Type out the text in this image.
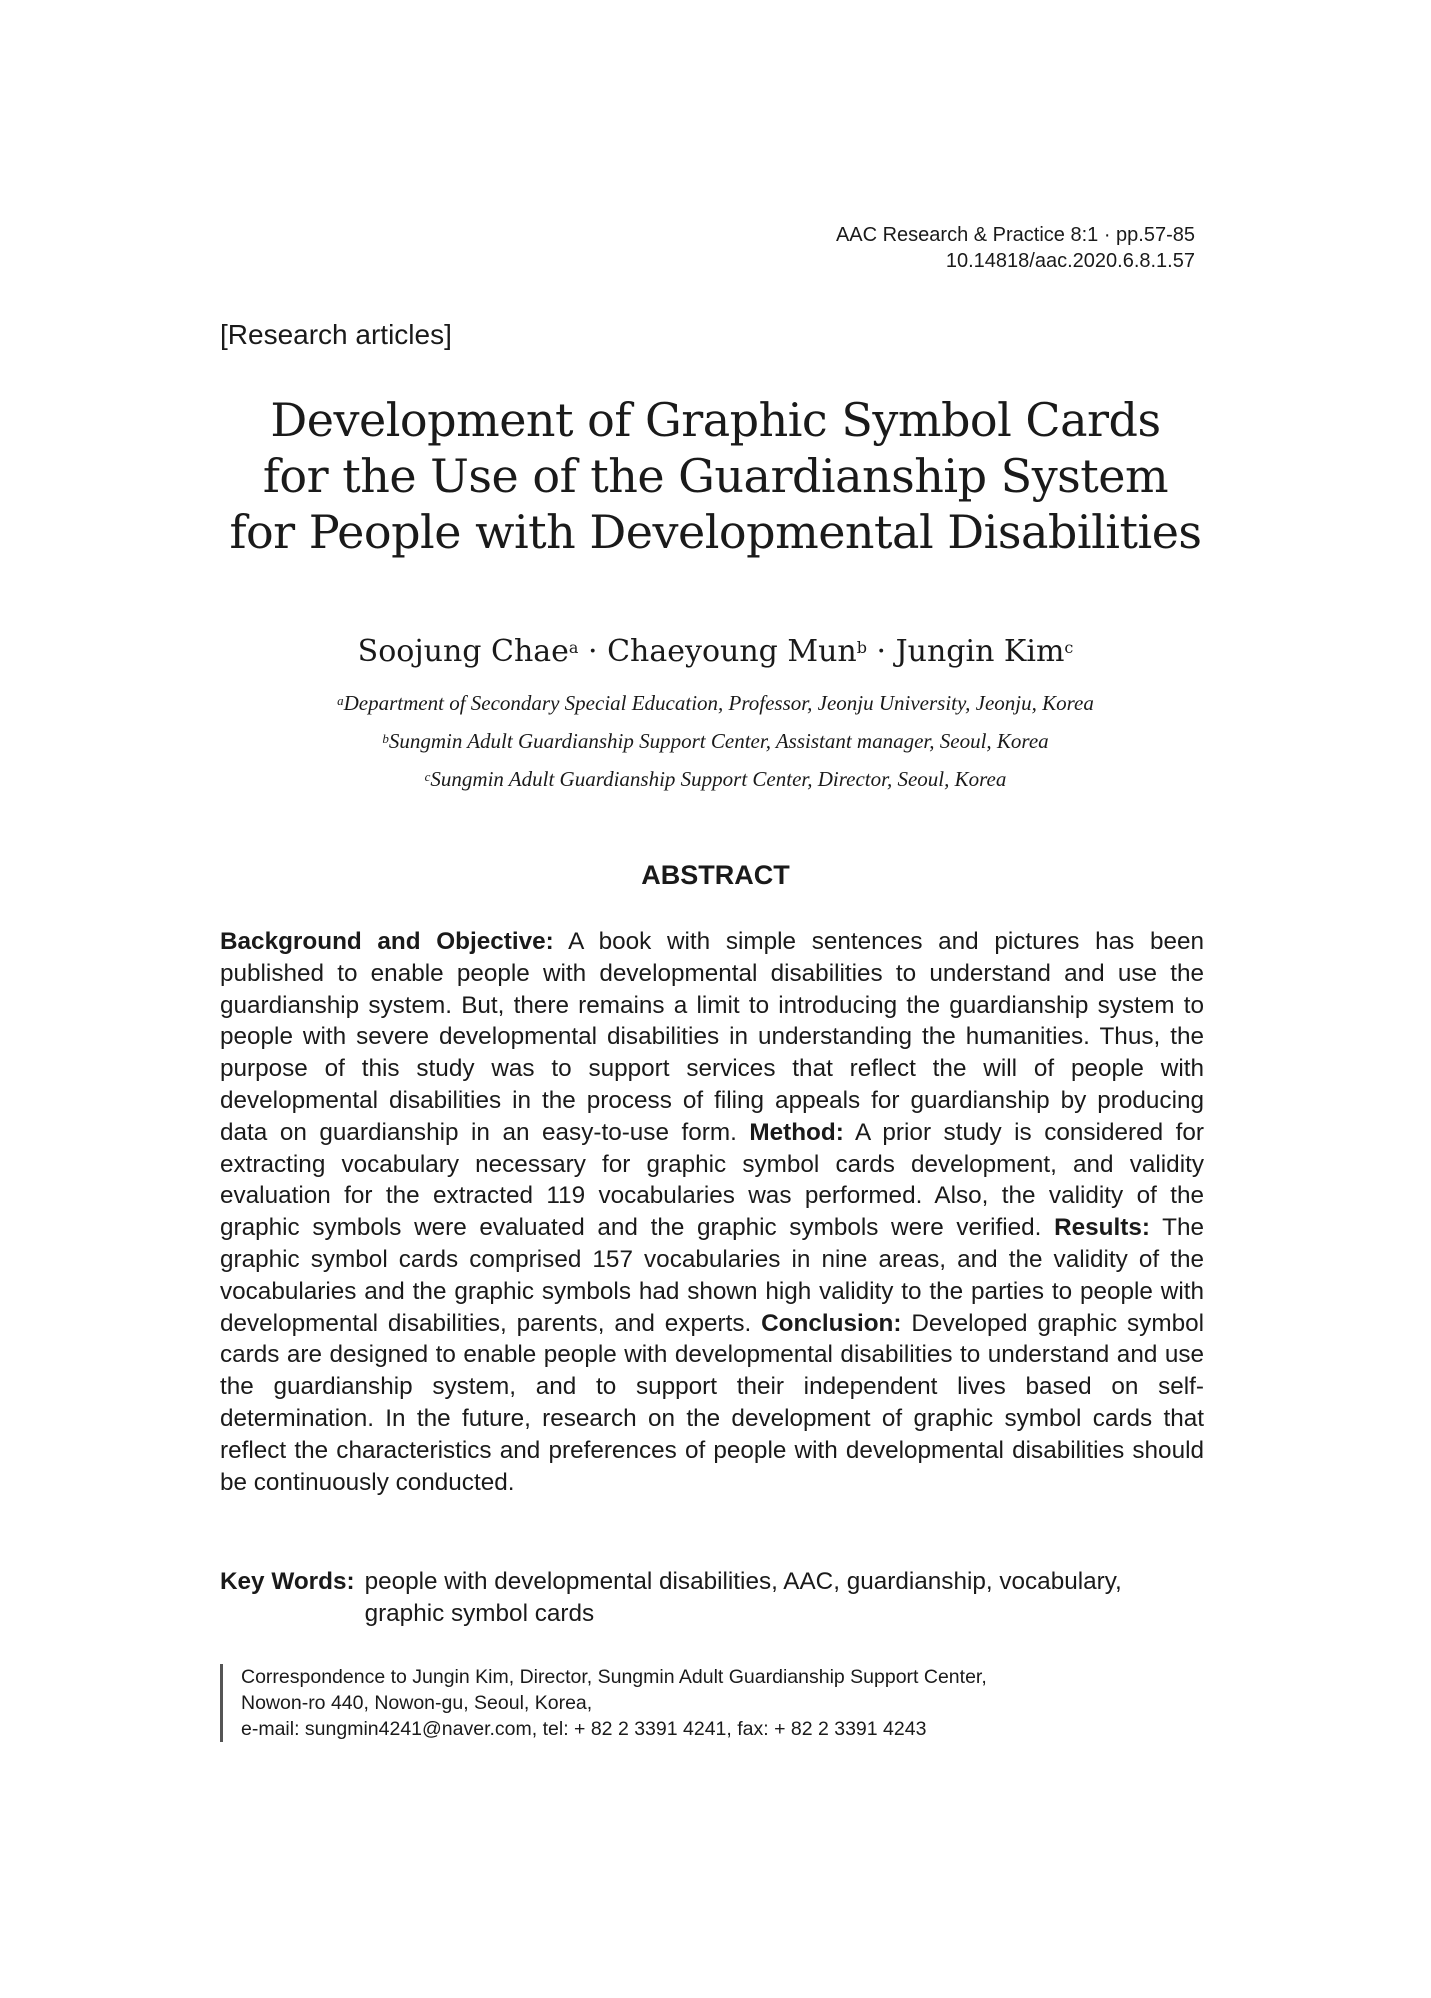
AAC Research & Practice 8:1 · pp.57-85
10.14818/aac.2020.6.8.1.57
[Research articles]
Development of Graphic Symbol Cards
for the Use of the Guardianship System
for People with Developmental Disabilities
Soojung Chae$^a$ · Chaeyoung Mun$^b$ · Jungin Kim$^c$
$^a$Department of Secondary Special Education, Professor, Jeonju University, Jeonju, Korea
$^b$Sungmin Adult Guardianship Support Center, Assistant manager, Seoul, Korea
$^c$Sungmin Adult Guardianship Support Center, Director, Seoul, Korea
ABSTRACT

Background and Objective: A book with simple sentences and pictures has been published to enable people with developmental disabilities to understand and use the guardianship system. But, there remains a limit to introducing the guardianship system to people with severe developmental disabilities in understanding the humanities. Thus, the purpose of this study was to support services that reflect the will of people with developmental disabilities in the process of filing appeals for guardianship by producing data on guardianship in an easy-to-use form. Method: A prior study is considered for extracting vocabulary necessary for graphic symbol cards development, and validity evaluation for the extracted 119 vocabularies was performed. Also, the validity of the graphic symbols were evaluated and the graphic symbols were verified. Results: The graphic symbol cards comprised 157 vocabularies in nine areas, and the validity of the vocabularies and the graphic symbols had shown high validity to the parties to people with developmental disabilities, parents, and experts. Conclusion: Developed graphic symbol cards are designed to enable people with developmental disabilities to understand and use the guardianship system, and to support their independent lives based on self-determination. In the future, research on the development of graphic symbol cards that reflect the characteristics and preferences of people with developmental disabilities should be continuously conducted.

Key Words: people with developmental disabilities, AAC, guardianship, vocabulary, graphic symbol cards
Correspondence to Jungin Kim, Director, Sungmin Adult Guardianship Support Center,
Nowon-ro 440, Nowon-gu, Seoul, Korea,
e-mail: sungmin4241@naver.com, tel: + 82 2 3391 4241, fax: + 82 2 3391 4243
